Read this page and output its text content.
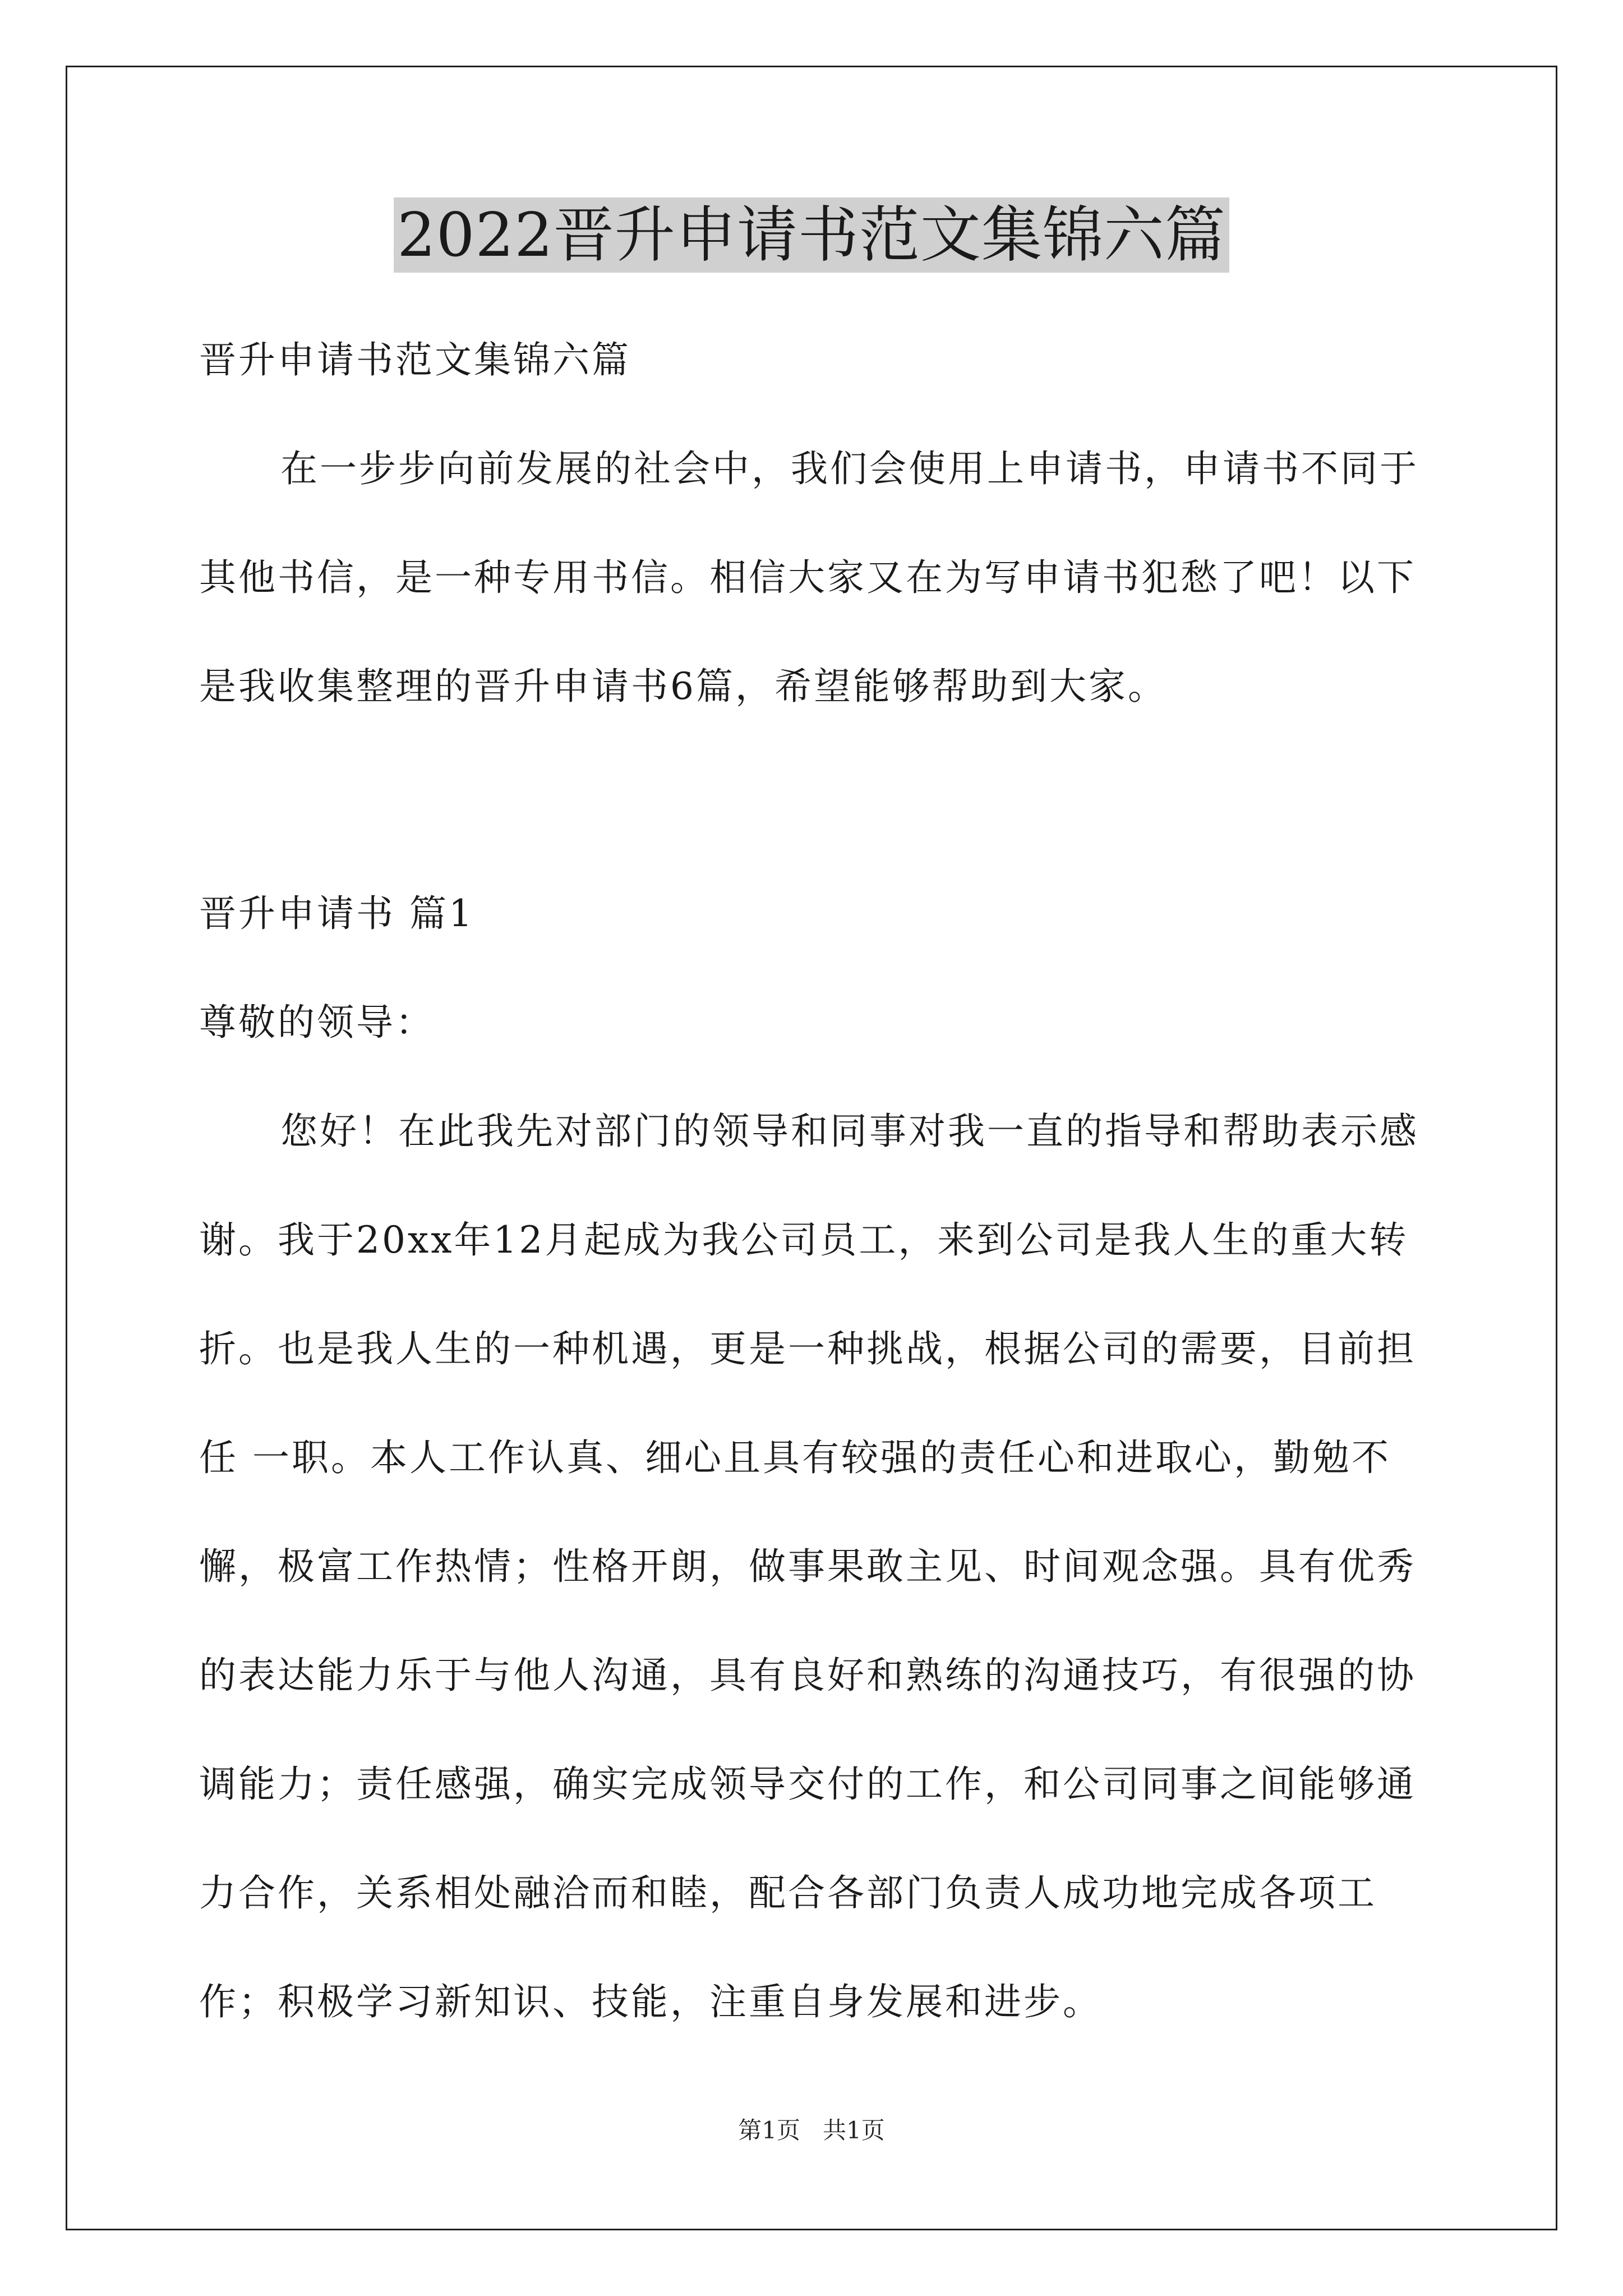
2022晋升申请书范文集锦六篇

晋升申请书范文集锦六篇

在一步步向前发展的社会中，我们会使用上申请书，申请书不同于其他书信，是一种专用书信。相信大家又在为写申请书犯愁了吧！以下是我收集整理的晋升申请书6篇，希望能够帮助到大家。

晋升申请书 篇1

尊敬的领导：

您好！在此我先对部门的领导和同事对我一直的指导和帮助表示感谢。我于20xx年12月起成为我公司员工，来到公司是我人生的重大转折。也是我人生的一种机遇，更是一种挑战，根据公司的需要，目前担任 一职。本人工作认真、细心且具有较强的责任心和进取心，勤勉不懈，极富工作热情；性格开朗，做事果敢主见、时间观念强。具有优秀的表达能力乐于与他人沟通，具有良好和熟练的沟通技巧，有很强的协调能力；责任感强，确实完成领导交付的工作，和公司同事之间能够通力合作，关系相处融洽而和睦，配合各部门负责人成功地完成各项工作；积极学习新知识、技能，注重自身发展和进步。

第1页   共1页
